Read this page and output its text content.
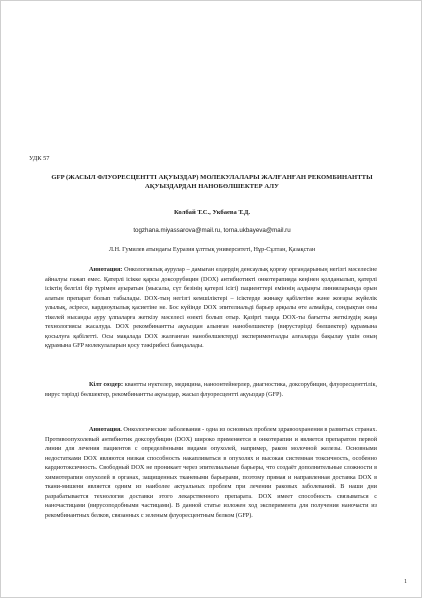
УДК 57
GFP (ЖАСЫЛ ФЛУОРЕСЦЕНТТІ АҚУЫЗДАР) МОЛЕКУЛАЛАРЫ ЖАЛҒАНҒАН РЕКОМБИНАНТТЫ АҚУЫЗДАРДАН НАНОБӨЛШЕКТЕР АЛУ
Колбай Т.С., Укбаева Т.Д.
togzhana.miyassarova@mail.ru, torna.ukbayeva@mail.ru
Л.Н. Гумилев атындағы Еуразия ұлттық университеті, Нұр-Сұлтан, Қазақстан
Аннотация: Онкологиялық аурулар – дамыған елдердің денсаулық қорғау органдарының негізгі мәселесіне айналуы ғажап емес. Қатерлі ісікке қарсы доксорубицин (DOX) антибиотикті онкотерапияда кеңінен қолданылып, қатерлі ісіктің белгілі бір түрімен ауыратын (мысалы, сүт безінің қатерлі ісігі) пациенттері еміннің алдыңғы линияларында орын алатын препарат болып табылады. DOX-тың негізгі кемшіліктері – ісіктерде жинақу қабілетіне және жоғары жүйелік улылық, әсіресе, кардиоулылық қасиетіне не. Бос күйінде DOX эпителиальді барьер арқылы өте алмайды, сондықтан оны тікелей нысанды ауру ұлпаларға жеткізу мәселесі өзекті болып отыр. Қазіргі таңда DOX-ты бағытты жеткізудің жаңа технологиясы жасалуда. DOX рекомбинантты ақуыздан алынған нанобөлшектер (вирустәрізді бөлшектер) құрамына қосылуға қабілетті. Осы мақалада DOX жалғанған нанобөлшектерді эксперименталды алғаларда бақылау үшін оның құрамына GFP молекулаларын қосу тәжірибесі баяндалады.
Кілт сөздер: квантты нүктелер, медицина, наноонтейнерлер, диагностика, доксорубицин, флуоресценттілік, вирус тәрізді бөлшектер, рекомбинантты ақуыздар, жасыл флуоресцентті ақуыздар (GFP).
Аннотация. Онкологические заболевания - одна из основных проблем здравоохранения в развитых странах. Противоопухолевый антибиотик доксорубицин (DOX) широко применяется в онкотерапии и является препаратом первой линии для лечения пациентов с определёнными видами опухолей, например, раком молочной железы. Основными недостатками DOX являются низкая способность накапливаться в опухолях и высокая системная токсичность, особенно кардиотоксичность. Свободный DOX не проникает через эпителиальные барьеры, что создаёт дополнительные сложности в химиотерапии опухолей в органах, защищенных тканевыми барьерами, поэтому прямая и направленная доставка DOX в ткани-мишени является одним из наиболее актуальных проблем при лечении раковых заболеваний. В наши дни разрабатывается технология доставки этого лекарственного препарата. DOX имеет способность связываться с наночастицами (вирусоподобными частицами). В данной статье изложен ход эксперимента для получения наночасти из рекомбинантных белков, связанных с зеленым флуоресцентным белком (GFP).
1
